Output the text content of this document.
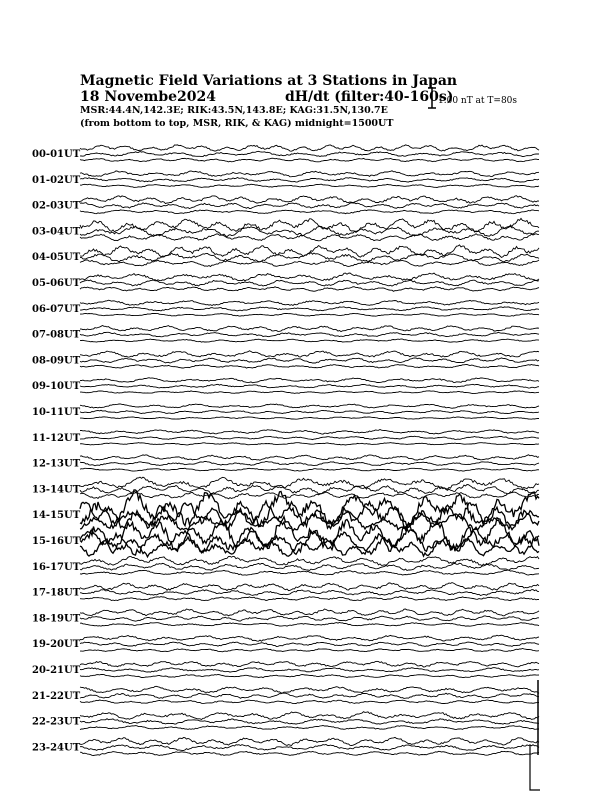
Magnetic Field Variations at 3 Stations in Japan
18 Novembe2024	dH/dt (filter:40-160s)
MSR:44.4N,142.3E; RIK:43.5N,143.8E; KAG:31.5N,130.7E
(from bottom to top, MSR, RIK, & KAG) midnight=1500UT
1.00 nT at T=80s
00-01UT
01-02UT
02-03UT
03-04UT
04-05UT
05-06UT
06-07UT
07-08UT
08-09UT
09-10UT
10-11UT
11-12UT
12-13UT
13-14UT
14-15UT
15-16UT
16-17UT
17-18UT
18-19UT
19-20UT
20-21UT
21-22UT
22-23UT
23-24UT
